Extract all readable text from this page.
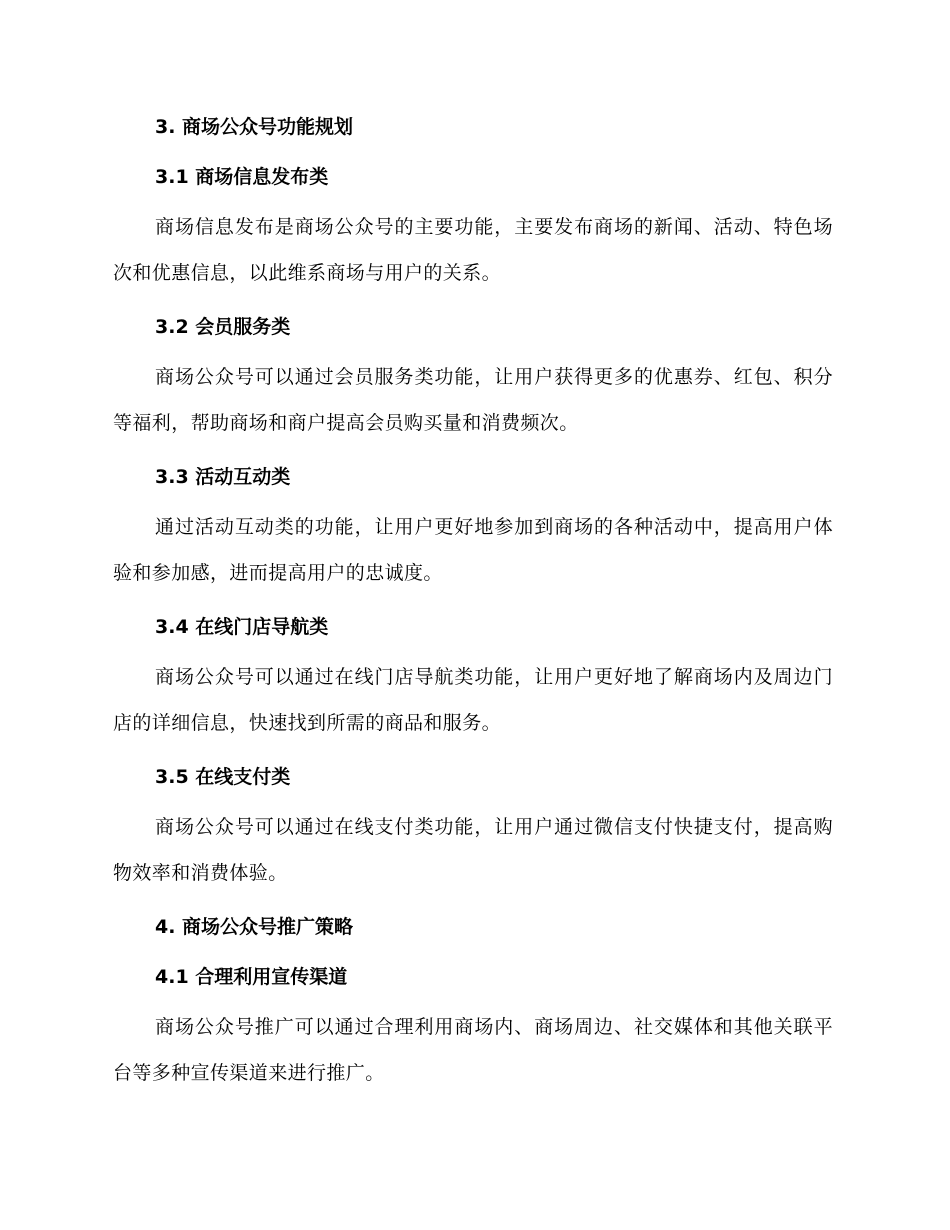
3. 商场公众号功能规划
3.1 商场信息发布类

商场信息发布是商场公众号的主要功能，主要发布商场的新闻、活动、特色场次和优惠信息，以此维系商场与用户的关系。

3.2 会员服务类

商场公众号可以通过会员服务类功能，让用户获得更多的优惠券、红包、积分等福利，帮助商场和商户提高会员购买量和消费频次。

3.3 活动互动类

通过活动互动类的功能，让用户更好地参加到商场的各种活动中，提高用户体验和参加感，进而提高用户的忠诚度。

3.4 在线门店导航类

商场公众号可以通过在线门店导航类功能，让用户更好地了解商场内及周边门店的详细信息，快速找到所需的商品和服务。

3.5 在线支付类

商场公众号可以通过在线支付类功能，让用户通过微信支付快捷支付，提高购物效率和消费体验。

4. 商场公众号推广策略
4.1 合理利用宣传渠道

商场公众号推广可以通过合理利用商场内、商场周边、社交媒体和其他关联平台等多种宣传渠道来进行推广。
